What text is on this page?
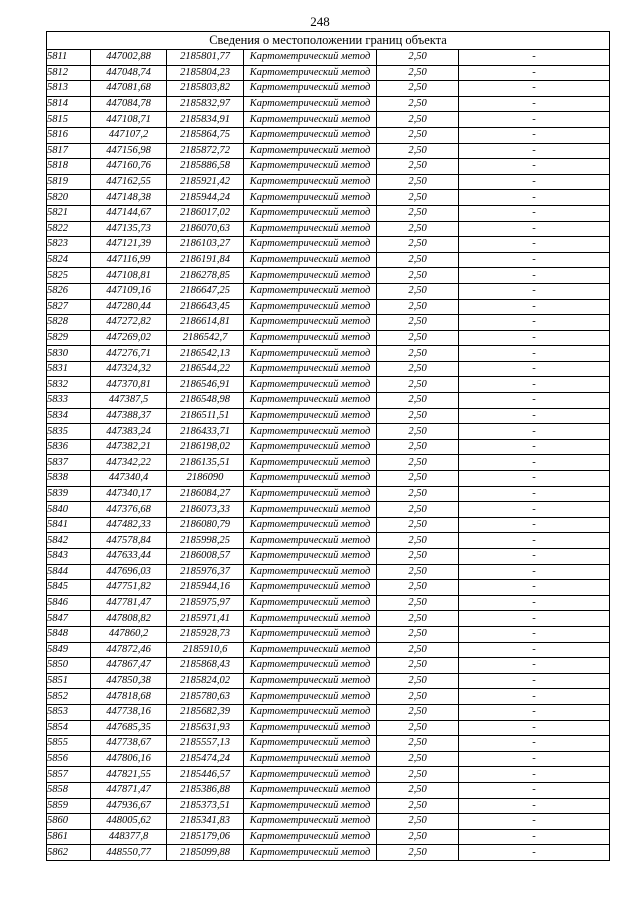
248
Сведения о местоположении границ объекта					
5811	447002,88	2185801,77	Картометрический метод	2,50	-
5812	447048,74	2185804,23	Картометрический метод	2,50	-
5813	447081,68	2185803,82	Картометрический метод	2,50	-
5814	447084,78	2185832,97	Картометрический метод	2,50	-
5815	447108,71	2185834,91	Картометрический метод	2,50	-
5816	447107,2	2185864,75	Картометрический метод	2,50	-
5817	447156,98	2185872,72	Картометрический метод	2,50	-
5818	447160,76	2185886,58	Картометрический метод	2,50	-
5819	447162,55	2185921,42	Картометрический метод	2,50	-
5820	447148,38	2185944,24	Картометрический метод	2,50	-
5821	447144,67	2186017,02	Картометрический метод	2,50	-
5822	447135,73	2186070,63	Картометрический метод	2,50	-
5823	447121,39	2186103,27	Картометрический метод	2,50	-
5824	447116,99	2186191,84	Картометрический метод	2,50	-
5825	447108,81	2186278,85	Картометрический метод	2,50	-
5826	447109,16	2186647,25	Картометрический метод	2,50	-
5827	447280,44	2186643,45	Картометрический метод	2,50	-
5828	447272,82	2186614,81	Картометрический метод	2,50	-
5829	447269,02	2186542,7	Картометрический метод	2,50	-
5830	447276,71	2186542,13	Картометрический метод	2,50	-
5831	447324,32	2186544,22	Картометрический метод	2,50	-
5832	447370,81	2186546,91	Картометрический метод	2,50	-
5833	447387,5	2186548,98	Картометрический метод	2,50	-
5834	447388,37	2186511,51	Картометрический метод	2,50	-
5835	447383,24	2186433,71	Картометрический метод	2,50	-
5836	447382,21	2186198,02	Картометрический метод	2,50	-
5837	447342,22	2186135,51	Картометрический метод	2,50	-
5838	447340,4	2186090	Картометрический метод	2,50	-
5839	447340,17	2186084,27	Картометрический метод	2,50	-
5840	447376,68	2186073,33	Картометрический метод	2,50	-
5841	447482,33	2186080,79	Картометрический метод	2,50	-
5842	447578,84	2185998,25	Картометрический метод	2,50	-
5843	447633,44	2186008,57	Картометрический метод	2,50	-
5844	447696,03	2185976,37	Картометрический метод	2,50	-
5845	447751,82	2185944,16	Картометрический метод	2,50	-
5846	447781,47	2185975,97	Картометрический метод	2,50	-
5847	447808,82	2185971,41	Картометрический метод	2,50	-
5848	447860,2	2185928,73	Картометрический метод	2,50	-
5849	447872,46	2185910,6	Картометрический метод	2,50	-
5850	447867,47	2185868,43	Картометрический метод	2,50	-
5851	447850,38	2185824,02	Картометрический метод	2,50	-
5852	447818,68	2185780,63	Картометрический метод	2,50	-
5853	447738,16	2185682,39	Картометрический метод	2,50	-
5854	447685,35	2185631,93	Картометрический метод	2,50	-
5855	447738,67	2185557,13	Картометрический метод	2,50	-
5856	447806,16	2185474,24	Картометрический метод	2,50	-
5857	447821,55	2185446,57	Картометрический метод	2,50	-
5858	447871,47	2185386,88	Картометрический метод	2,50	-
5859	447936,67	2185373,51	Картометрический метод	2,50	-
5860	448005,62	2185341,83	Картометрический метод	2,50	-
5861	448377,8	2185179,06	Картометрический метод	2,50	-
5862	448550,77	2185099,88	Картометрический метод	2,50	-
